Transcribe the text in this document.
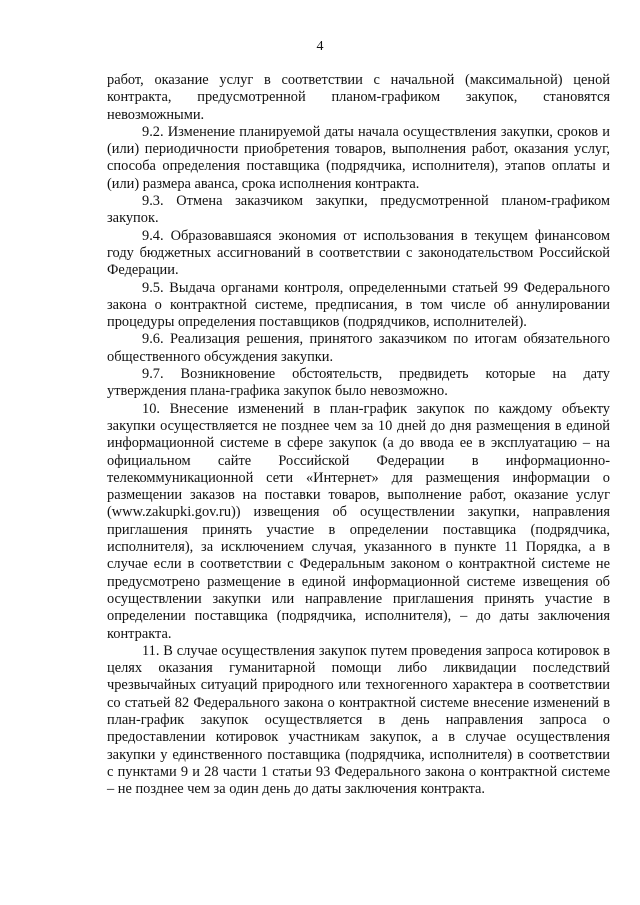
4

работ, оказание услуг в соответствии с начальной (максимальной) ценой контракта, предусмотренной планом-графиком закупок, становятся невозможными.

9.2. Изменение планируемой даты начала осуществления закупки, сроков и (или) периодичности приобретения товаров, выполнения работ, оказания услуг, способа определения поставщика (подрядчика, исполнителя), этапов оплаты и (или) размера аванса, срока исполнения контракта.

9.3. Отмена заказчиком закупки, предусмотренной планом-графиком закупок.

9.4. Образовавшаяся экономия от использования в текущем финансовом году бюджетных ассигнований в соответствии с законодательством Российской Федерации.

9.5. Выдача органами контроля, определенными статьей 99 Федерального закона о контрактной системе, предписания, в том числе об аннулировании процедуры определения поставщиков (подрядчиков, исполнителей).

9.6. Реализация решения, принятого заказчиком по итогам обязательного общественного обсуждения закупки.

9.7. Возникновение обстоятельств, предвидеть которые на дату утверждения плана-графика закупок было невозможно.

10. Внесение изменений в план-график закупок по каждому объекту закупки осуществляется не позднее чем за 10 дней до дня размещения в единой информационной системе в сфере закупок (а до ввода ее в эксплуатацию – на официальном сайте Российской Федерации в информационно-телекоммуникационной сети «Интернет» для размещения информации о размещении заказов на поставки товаров, выполнение работ, оказание услуг (www.zakupki.gov.ru)) извещения об осуществлении закупки, направления приглашения принять участие в определении поставщика (подрядчика, исполнителя), за исключением случая, указанного в пункте 11 Порядка, а в случае если в соответствии с Федеральным законом о контрактной системе не предусмотрено размещение в единой информационной системе извещения об осуществлении закупки или направление приглашения принять участие в определении поставщика (подрядчика, исполнителя), – до даты заключения контракта.

11. В случае осуществления закупок путем проведения запроса котировок в целях оказания гуманитарной помощи либо ликвидации последствий чрезвычайных ситуаций природного или техногенного характера в соответствии со статьей 82 Федерального закона о контрактной системе внесение изменений в план-график закупок осуществляется в день направления запроса о предоставлении котировок участникам закупок, а в случае осуществления закупки у единственного поставщика (подрядчика, исполнителя) в соответствии с пунктами 9 и 28 части 1 статьи 93 Федерального закона о контрактной системе – не позднее чем за один день до даты заключения контракта.
